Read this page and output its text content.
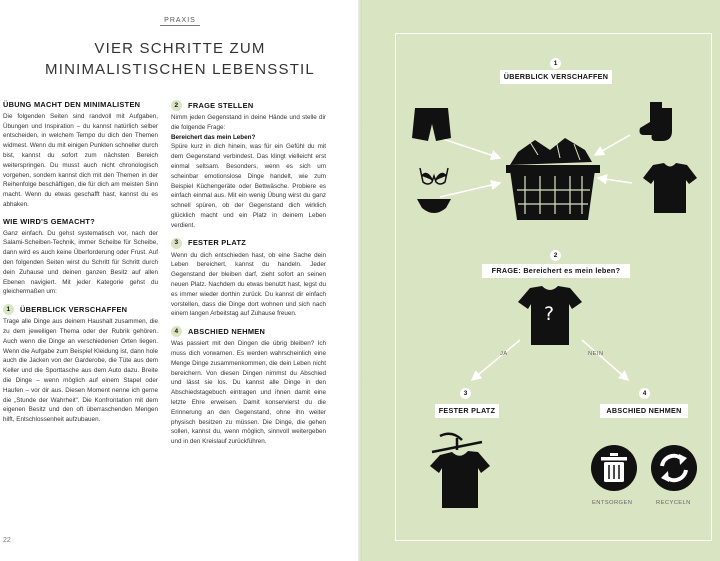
PRAXIS
VIER SCHRITTE ZUM
MINIMALISTISCHEN LEBENSSTIL
ÜBUNG MACHT DEN MINIMALISTEN
Die folgenden Seiten sind randvoll mit Aufgaben, Übungen und Inspiration – du kannst natürlich selber entscheiden, in welchem Tempo du dich den Themen widmest. Wenn du mit einigen Punkten schneller durch bist, kannst du sofort zum nächsten Bereich weiterspringen. Du musst auch nicht chronologisch vorgehen, sondern kannst dich mit den Themen in der Reihenfolge beschäftigen, die für dich am meisten Sinn macht. Wenn du etwas geschafft hast, kannst du es abhaken.
WIE WIRD'S GEMACHT?
Ganz einfach. Du gehst systematisch vor, nach der Salami-Scheiben-Technik, immer Scheibe für Scheibe, dann wird es auch keine Überforderung oder Frust. Auf den folgenden Seiten wirst du Schritt für Schritt durch dein Zuhause und deinen ganzen Besitz auf allen Ebenen navigiert. Mit jeder Kategorie gehst du gleichermaßen um:
1	ÜBERBLICK VERSCHAFFEN
Trage alle Dinge aus deinem Haushalt zusammen, die zu dem jeweiligen Thema oder der Rubrik gehören. Auch wenn die Dinge an verschiedenen Orten liegen. Wenn die Aufgabe zum Beispiel Kleidung ist, dann hole auch die Jacken von der Garderobe, die Tüte aus dem Keller und die Sporttasche aus dem Auto dazu. Breite die Dinge – wenn möglich auf einem Stapel oder Haufen – vor dir aus. Diesen Moment nenne ich gerne die „Stunde der Wahrheit". Die Konfrontation mit dem eigenen Besitz und den oft überraschenden Mengen hilft, Entschlossenheit aufzubauen.
2	FRAGE STELLEN
Nimm jeden Gegenstand in deine Hände und stelle dir die folgende Frage:
Bereichert das mein Leben?
Spüre kurz in dich hinein, was für ein Gefühl du mit dem Gegenstand verbindest. Das klingt vielleicht erst einmal seltsam. Besonders, wenn es sich um scheinbar emotionslose Dinge handelt, wie zum Beispiel Küchengeräte oder Bettwäsche. Probiere es einfach einmal aus. Mit ein wenig Übung wirst du ganz schnell spüren, ob der Gegenstand dich wirklich glücklich macht und ein Platz in deinem Leben verdient.
3	FESTER PLATZ
Wenn du dich entschieden hast, ob eine Sache dein Leben bereichert, kannst du handeln. Jeder Gegenstand der bleiben darf, zieht sofort an seinen neuen Platz. Nachdem du etwas benutzt hast, legst du es immer wieder dorthin zurück. Du kannst dir einfach vorstellen, dass die Dinge dort wohnen und sich nach einem langen Arbeitstag auf Zuhause freuen.
4	ABSCHIED NEHMEN
Was passiert mit den Dingen die übrig bleiben? Ich muss dich vorwarnen. Es werden wahrscheinlich eine Menge Dinge zusammenkommen, die dein Leben nicht bereichern. Von diesen Dingen nimmst du Abschied und lässt sie los. Du kannst alle Dinge in den Abschiedstagebuch eintragen und ihnen damit eine letzte Ehre erweisen. Damit konservierst du die Erinnerung an den Gegenstand, ohne ihn weiter physisch besitzen zu müssen. Die Dinge, die gehen sollen, kannst du, wenn möglich, sinnvoll weitergeben und in den Kreislauf zurückführen.
22
1
ÜBERBLICK VERSCHAFFEN
2
FRAGE: Bereichert es mein leben?
?
JA	NEIN
3
FESTER PLATZ
4
ABSCHIED NEHMEN
ENTSORGEN	RECYCELN
